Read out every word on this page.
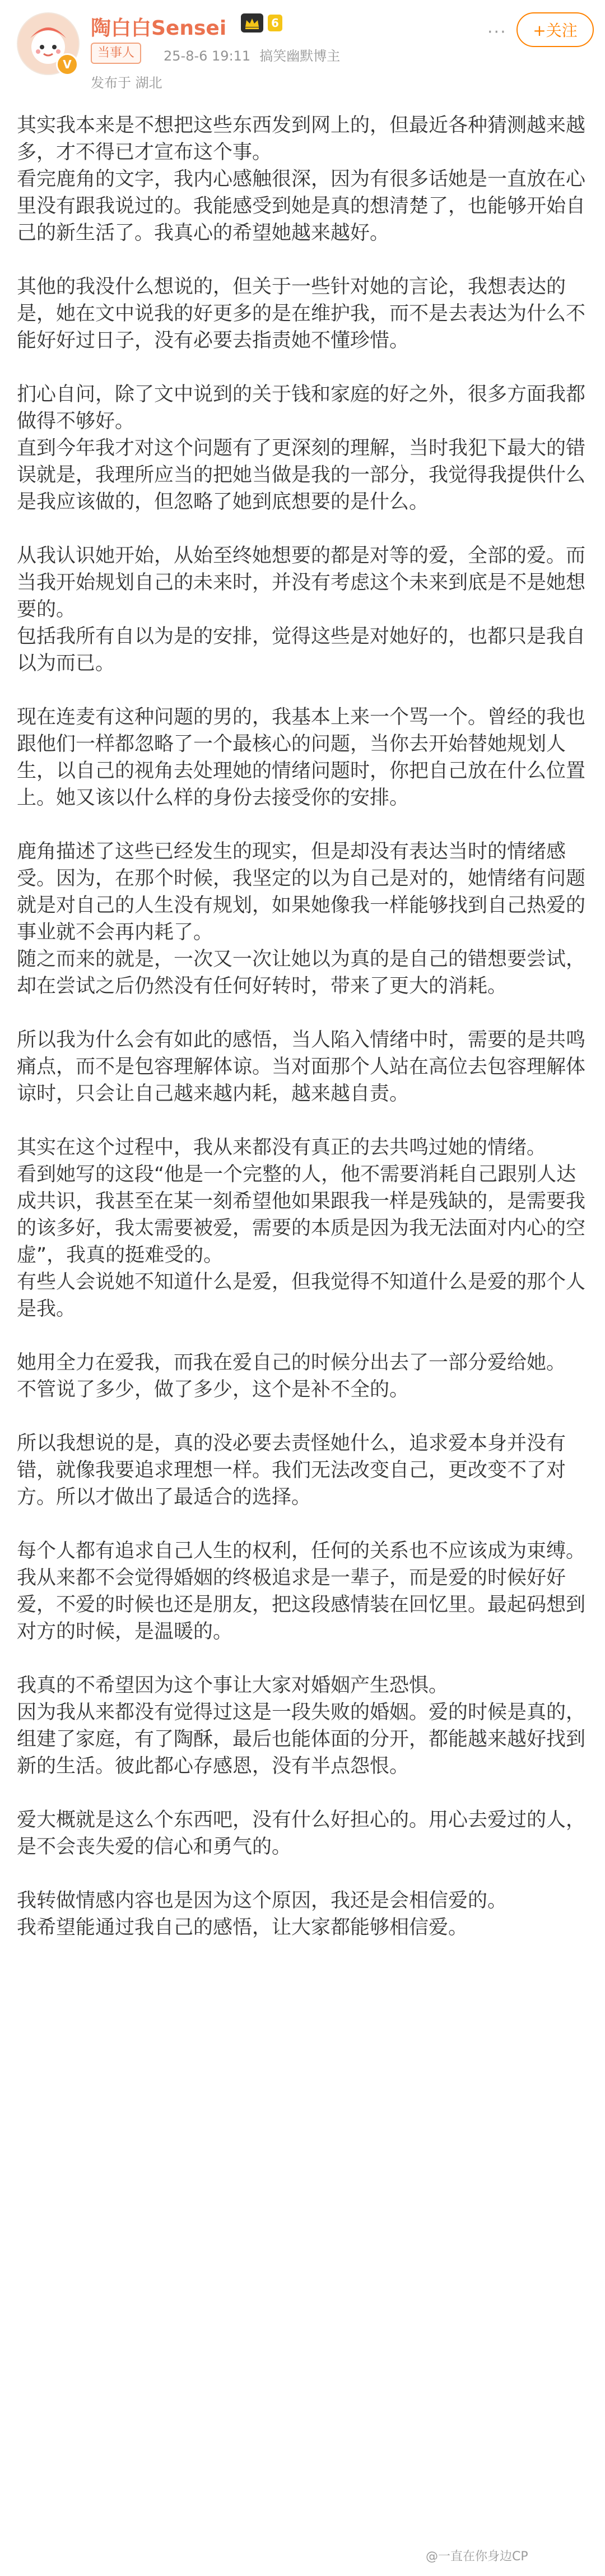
V
陶白白Sensei	6
当事人	25-8-6 19:11 搞笑幽默博主
发布于 湖北
···	+关注

其实我本来是不想把这些东西发到网上的，但最近各种猜测越来越多，才不得已才宣布这个事。

看完鹿角的文字，我内心感触很深，因为有很多话她是一直放在心里没有跟我说过的。我能感受到她是真的想清楚了，也能够开始自己的新生活了。我真心的希望她越来越好。

其他的我没什么想说的，但关于一些针对她的言论，我想表达的是，她在文中说我的好更多的是在维护我，而不是去表达为什么不能好好过日子，没有必要去指责她不懂珍惜。

扪心自问，除了文中说到的关于钱和家庭的好之外，很多方面我都做得不够好。

直到今年我才对这个问题有了更深刻的理解，当时我犯下最大的错误就是，我理所应当的把她当做是我的一部分，我觉得我提供什么是我应该做的，但忽略了她到底想要的是什么。

从我认识她开始，从始至终她想要的都是对等的爱，全部的爱。而当我开始规划自己的未来时，并没有考虑这个未来到底是不是她想要的。

包括我所有自以为是的安排，觉得这些是对她好的，也都只是我自以为而已。

现在连麦有这种问题的男的，我基本上来一个骂一个。曾经的我也跟他们一样都忽略了一个最核心的问题，当你去开始替她规划人生，以自己的视角去处理她的情绪问题时，你把自己放在什么位置上。她又该以什么样的身份去接受你的安排。

鹿角描述了这些已经发生的现实，但是却没有表达当时的情绪感受。因为，在那个时候，我坚定的以为自己是对的，她情绪有问题就是对自己的人生没有规划，如果她像我一样能够找到自己热爱的事业就不会再内耗了。

随之而来的就是，一次又一次让她以为真的是自己的错想要尝试，却在尝试之后仍然没有任何好转时，带来了更大的消耗。

所以我为什么会有如此的感悟，当人陷入情绪中时，需要的是共鸣痛点，而不是包容理解体谅。当对面那个人站在高位去包容理解体谅时，只会让自己越来越内耗，越来越自责。

其实在这个过程中，我从来都没有真正的去共鸣过她的情绪。

看到她写的这段“他是一个完整的人，他不需要消耗自己跟别人达成共识，我甚至在某一刻希望他如果跟我一样是残缺的，是需要我的该多好，我太需要被爱，需要的本质是因为我无法面对内心的空虚”，我真的挺难受的。

有些人会说她不知道什么是爱，但我觉得不知道什么是爱的那个人是我。

她用全力在爱我，而我在爱自己的时候分出去了一部分爱给她。

不管说了多少，做了多少，这个是补不全的。

所以我想说的是，真的没必要去责怪她什么，追求爱本身并没有错，就像我要追求理想一样。我们无法改变自己，更改变不了对方。所以才做出了最适合的选择。

每个人都有追求自己人生的权利，任何的关系也不应该成为束缚。

我从来都不会觉得婚姻的终极追求是一辈子，而是爱的时候好好爱，不爱的时候也还是朋友，把这段感情装在回忆里。最起码想到对方的时候，是温暖的。

我真的不希望因为这个事让大家对婚姻产生恐惧。

因为我从来都没有觉得过这是一段失败的婚姻。爱的时候是真的，组建了家庭，有了陶酥，最后也能体面的分开，都能越来越好找到新的生活。彼此都心存感恩，没有半点怨恨。

爱大概就是这么个东西吧，没有什么好担心的。用心去爱过的人，是不会丧失爱的信心和勇气的。

我转做情感内容也是因为这个原因，我还是会相信爱的。

我希望能通过我自己的感悟，让大家都能够相信爱。

@一直在你身边CP
